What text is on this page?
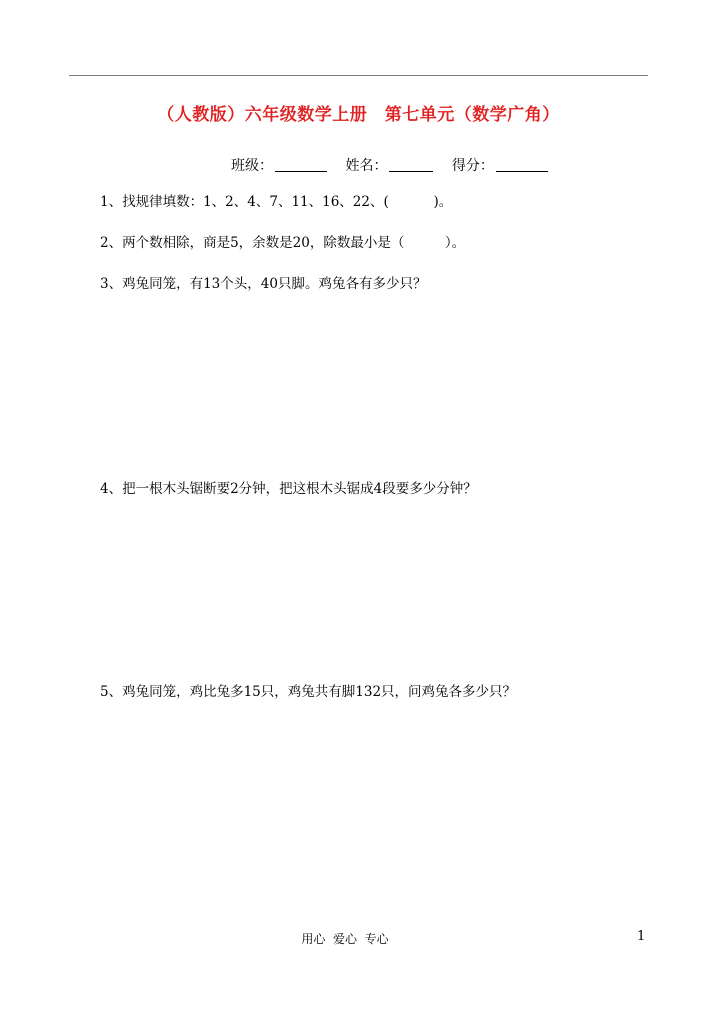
（人教版）六年级数学上册　第七单元（数学广角）
班级：	姓名：	得分：
1、找规律填数：1、2、4、7、11、16、22、(　　　 )。
2、两个数相除，商是5，余数是20，除数最小是（　　　）。
3、鸡兔同笼，有13个头，40只脚。鸡兔各有多少只？
4、把一根木头锯断要2分钟，把这根木头锯成4段要多少分钟？
5、鸡兔同笼，鸡比兔多15只，鸡兔共有脚132只，问鸡兔各多少只？
用心  爱心  专心	1
